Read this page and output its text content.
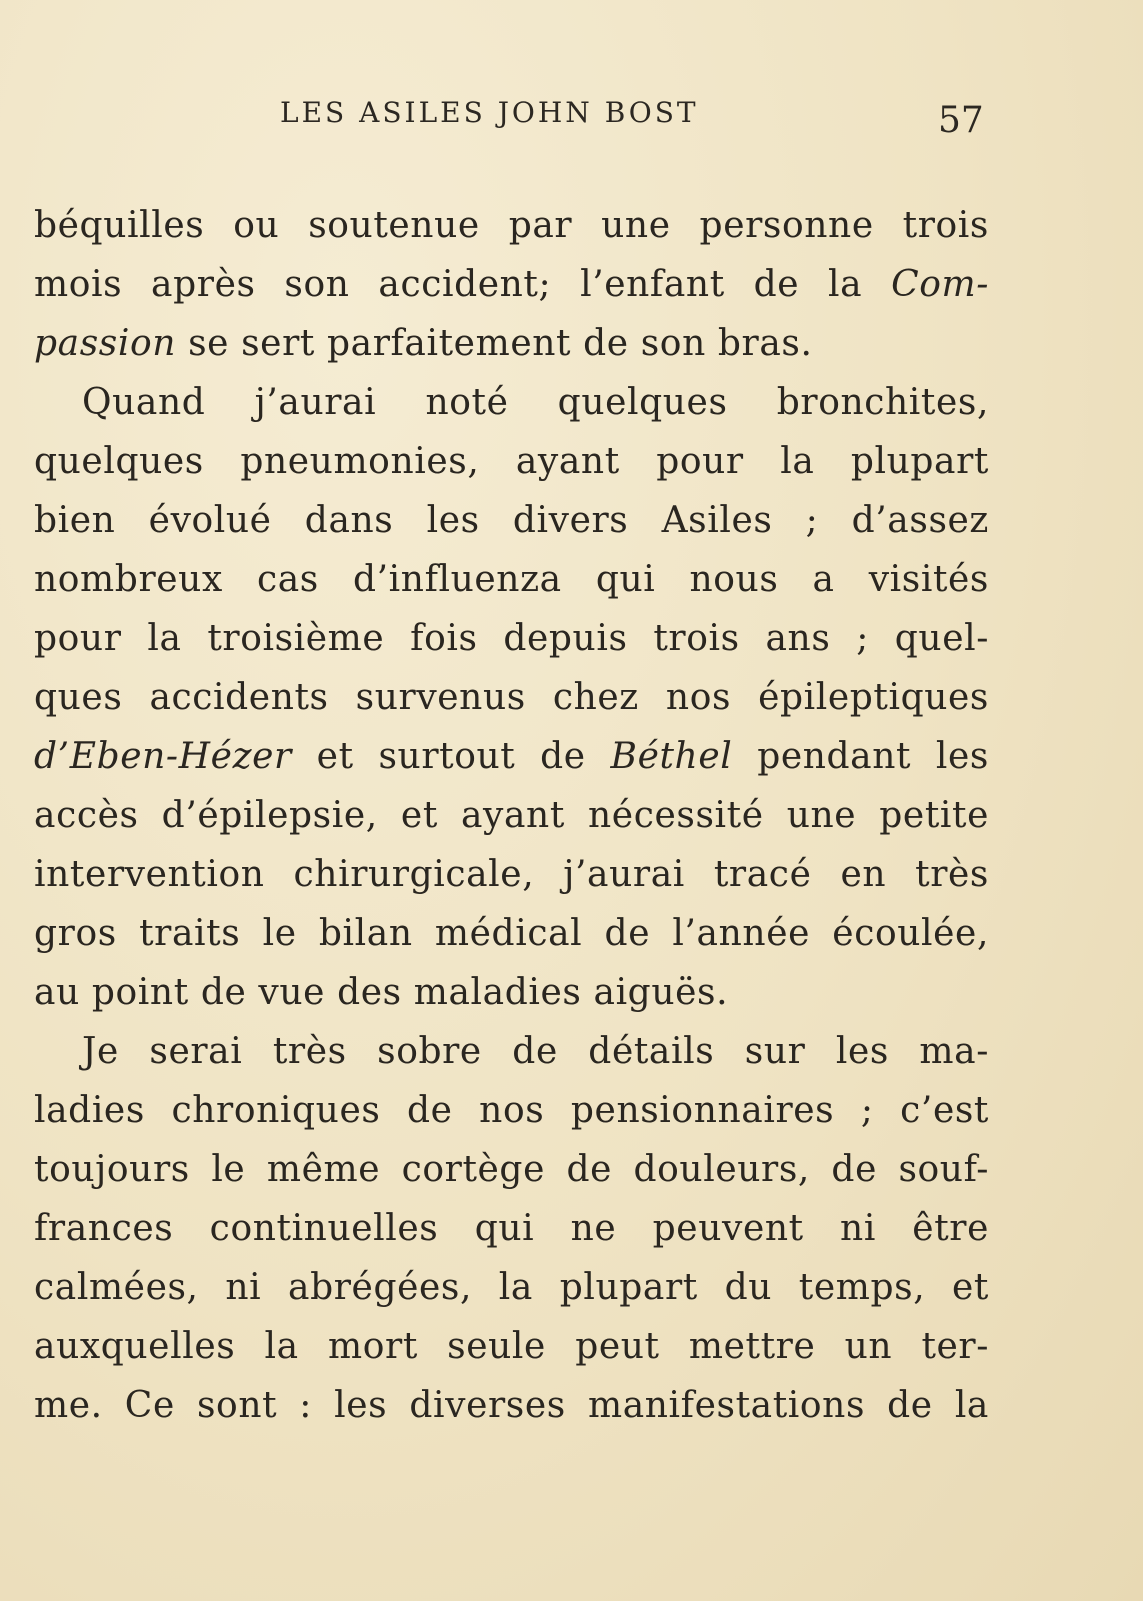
LES ASILES JOHN BOST	57
béquilles ou soutenue par une personne trois
mois après son accident; l’enfant de la Com-
passion se sert parfaitement de son bras.
Quand j’aurai noté quelques bronchites,
quelques pneumonies, ayant pour la plupart
bien évolué dans les divers Asiles ; d’assez
nombreux cas d’influenza qui nous a visités
pour la troisième fois depuis trois ans ; quel-
ques accidents survenus chez nos épileptiques
d’Eben-Hézer et surtout de Béthel pendant les
accès d’épilepsie, et ayant nécessité une petite
intervention chirurgicale, j’aurai tracé en très
gros traits le bilan médical de l’année écoulée,
au point de vue des maladies aiguës.
Je serai très sobre de détails sur les ma-
ladies chroniques de nos pensionnaires ; c’est
toujours le même cortège de douleurs, de souf-
frances continuelles qui ne peuvent ni être
calmées, ni abrégées, la plupart du temps, et
auxquelles la mort seule peut mettre un ter-
me. Ce sont : les diverses manifestations de la
